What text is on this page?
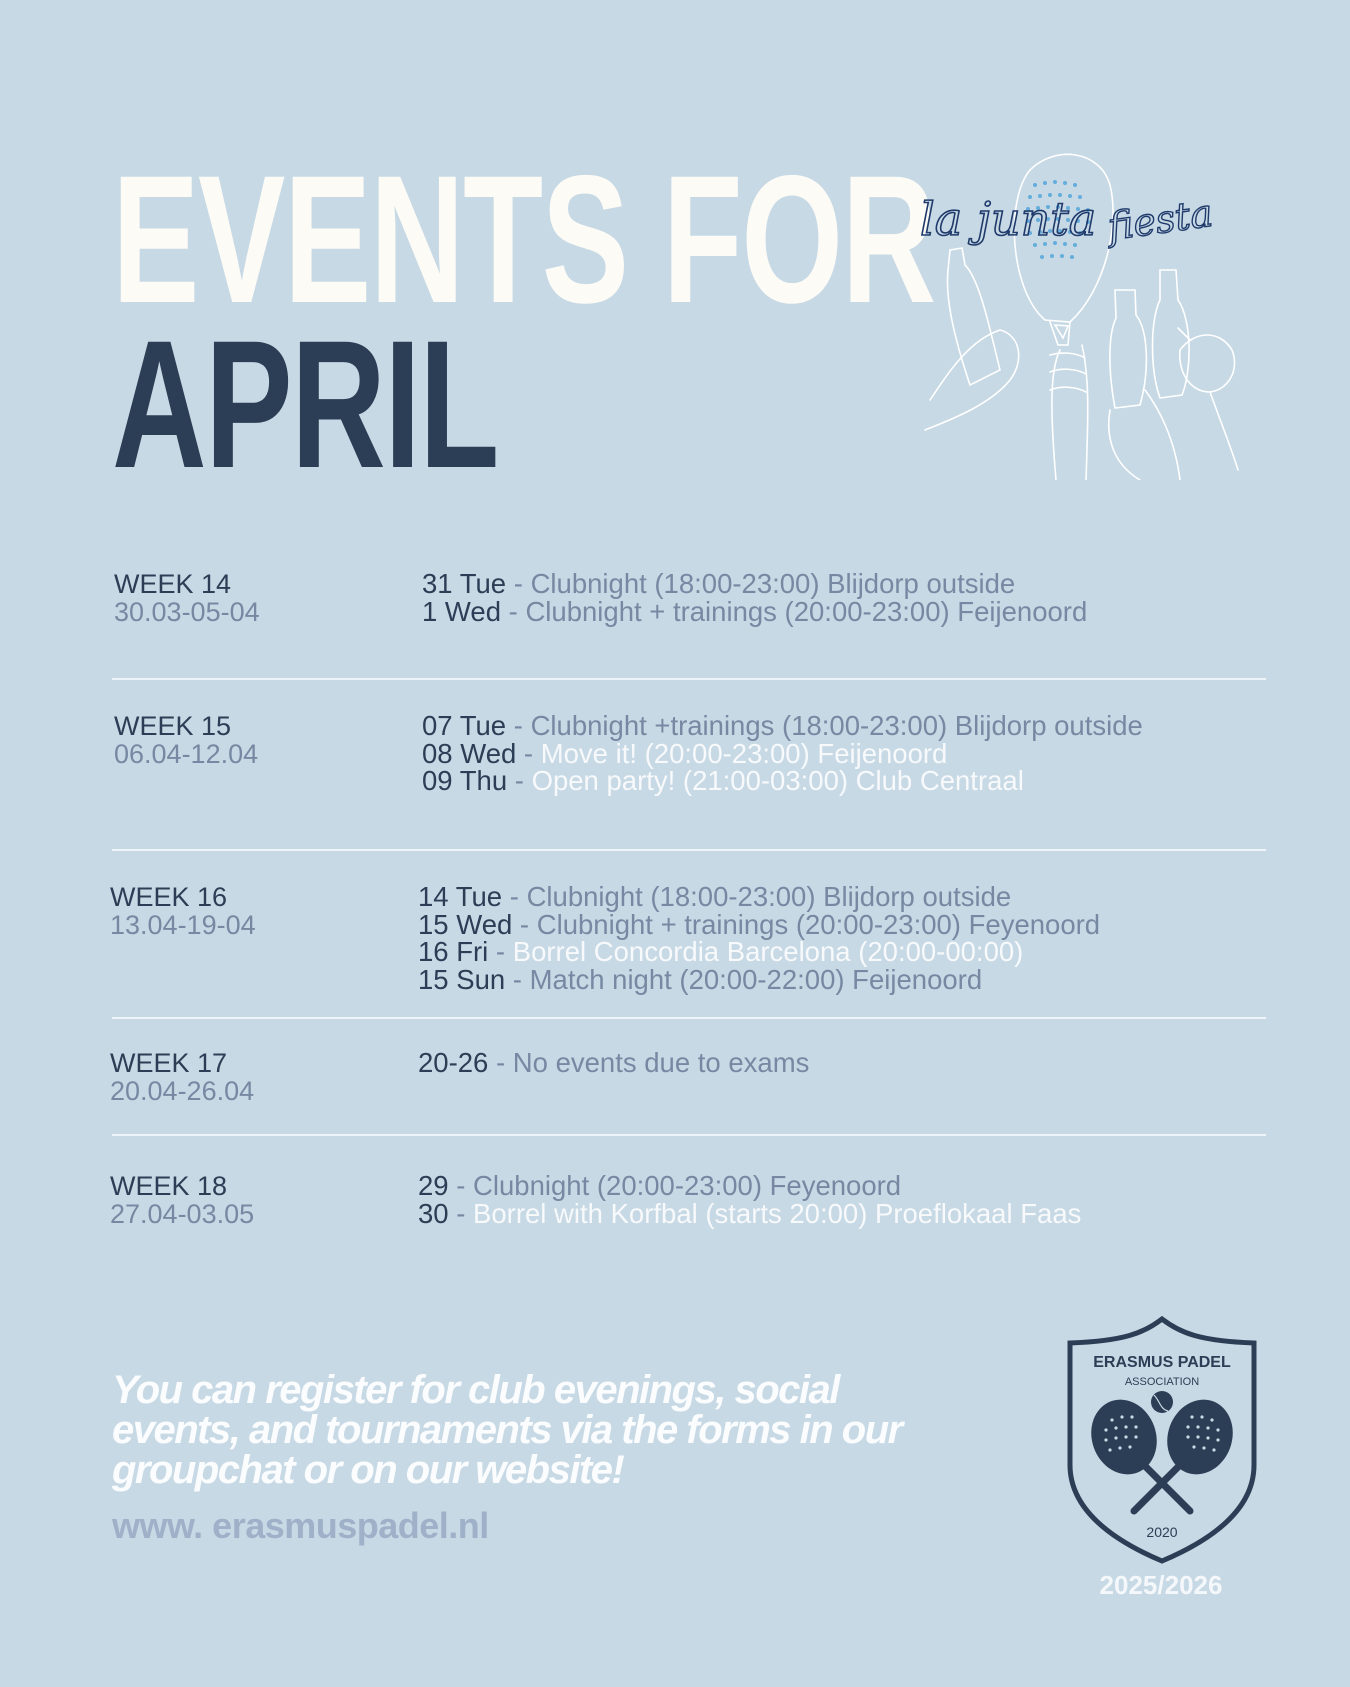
EVENTS FOR
APRIL
la junta fiesta
WEEK 14
30.03-05-04
31 Tue - Clubnight (18:00-23:00) Blijdorp outside
1 Wed - Clubnight + trainings (20:00-23:00) Feijenoord
WEEK 15
06.04-12.04
07 Tue - Clubnight +trainings (18:00-23:00) Blijdorp outside
08 Wed - Move it! (20:00-23:00) Feijenoord
09 Thu - Open party! (21:00-03:00) Club Centraal
WEEK 16
13.04-19-04
14 Tue - Clubnight (18:00-23:00) Blijdorp outside
15 Wed - Clubnight + trainings (20:00-23:00) Feyenoord
16 Fri - Borrel Concordia Barcelona (20:00-00:00)
15 Sun - Match night (20:00-22:00) Feijenoord
WEEK 17
20.04-26.04
20-26 - No events due to exams
WEEK 18
27.04-03.05
29 - Clubnight (20:00-23:00) Feyenoord
30 - Borrel with Korfbal (starts 20:00) Proeflokaal Faas
You can register for club evenings, social events, and tournaments via the forms in our groupchat or on our website!
www. erasmuspadel.nl
ERASMUS PADEL
ASSOCIATION
2020
2025/2026
